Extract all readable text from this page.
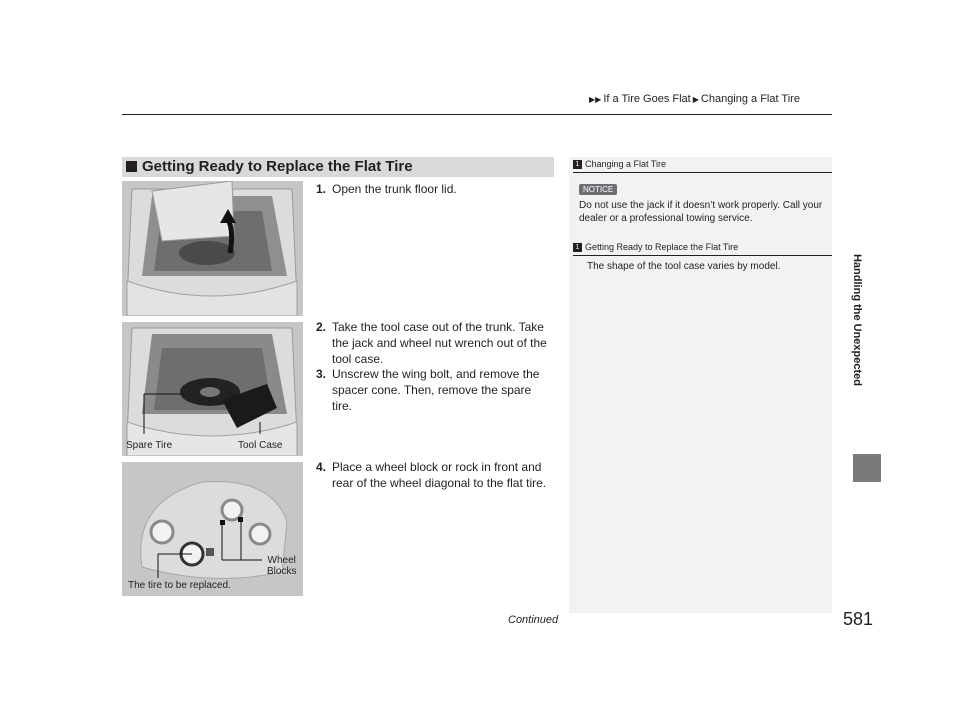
▶▶ If a Tire Goes Flat ▶ Changing a Flat Tire
Handling the Unexpected
Getting Ready to Replace the Flat Tire
Spare Tire	Tool Case
Wheel
Blocks
The tire to be replaced.
1. Open the trunk floor lid.
2. Take the tool case out of the trunk. Take the jack and wheel nut wrench out of the tool case.
3. Unscrew the wing bolt, and remove the spacer cone. Then, remove the spare tire.
4. Place a wheel block or rock in front and rear of the wheel diagonal to the flat tire.
1 Changing a Flat Tire
NOTICE
Do not use the jack if it doesn’t work properly. Call your dealer or a professional towing service.
1 Getting Ready to Replace the Flat Tire
The shape of the tool case varies by model.
Continued	581
